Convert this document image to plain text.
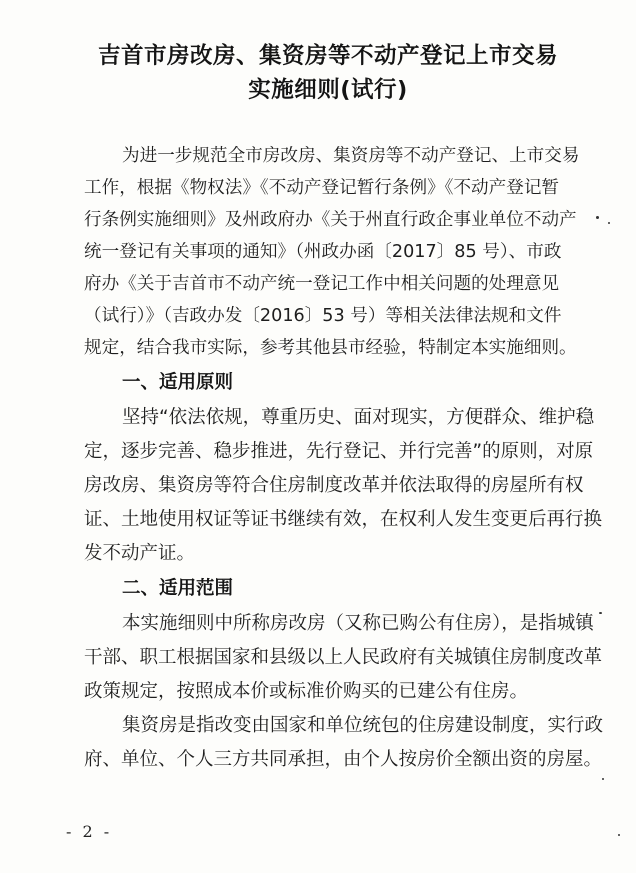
吉首市房改房、集资房等不动产登记上市交易
实施细则(试行)
为进一步规范全市房改房、集资房等不动产登记、上市交易
工作，根据《物权法》《不动产登记暂行条例》《不动产登记暂
行条例实施细则》及州政府办《关于州直行政企事业单位不动产
统一登记有关事项的通知》（州政办函〔2017〕85 号）、市政
府办《关于吉首市不动产统一登记工作中相关问题的处理意见
（试行）》（吉政办发〔2016〕53 号）等相关法律法规和文件
规定，结合我市实际，参考其他县市经验，特制定本实施细则。
一、适用原则
坚持“依法依规，尊重历史、面对现实，方便群众、维护稳
定，逐步完善、稳步推进，先行登记、并行完善”的原则，对原
房改房、集资房等符合住房制度改革并依法取得的房屋所有权
证、土地使用权证等证书继续有效，在权利人发生变更后再行换
发不动产证。
二、适用范围
本实施细则中所称房改房（又称已购公有住房），是指城镇
干部、职工根据国家和县级以上人民政府有关城镇住房制度改革
政策规定，按照成本价或标准价购买的已建公有住房。
集资房是指改变由国家和单位统包的住房建设制度，实行政
府、单位、个人三方共同承担，由个人按房价全额出资的房屋。
- 2 -
